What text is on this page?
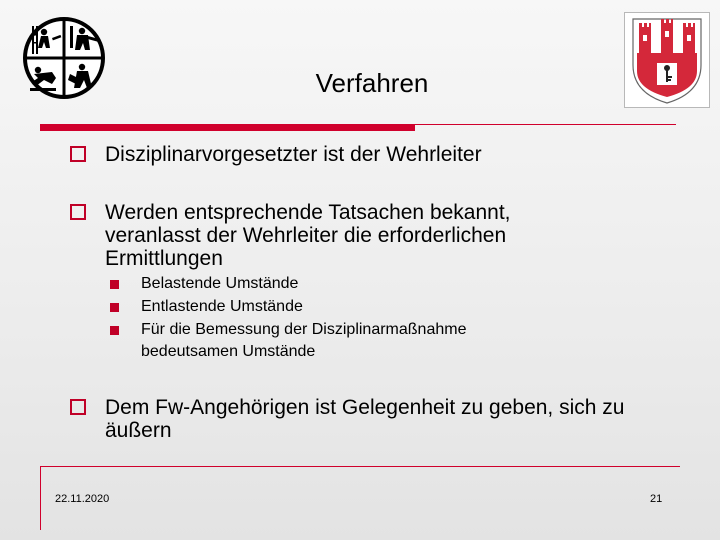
Verfahren
Disziplinarvorgesetzter ist der Wehrleiter
Werden entsprechende Tatsachen bekannt, veranlasst der Wehrleiter die erforderlichen Ermittlungen
Belastende Umstände
Entlastende Umstände
Für die Bemessung der Disziplinarmaßnahme bedeutsamen Umstände
Dem Fw-Angehörigen ist Gelegenheit zu geben, sich zu äußern
22.11.2020	21
